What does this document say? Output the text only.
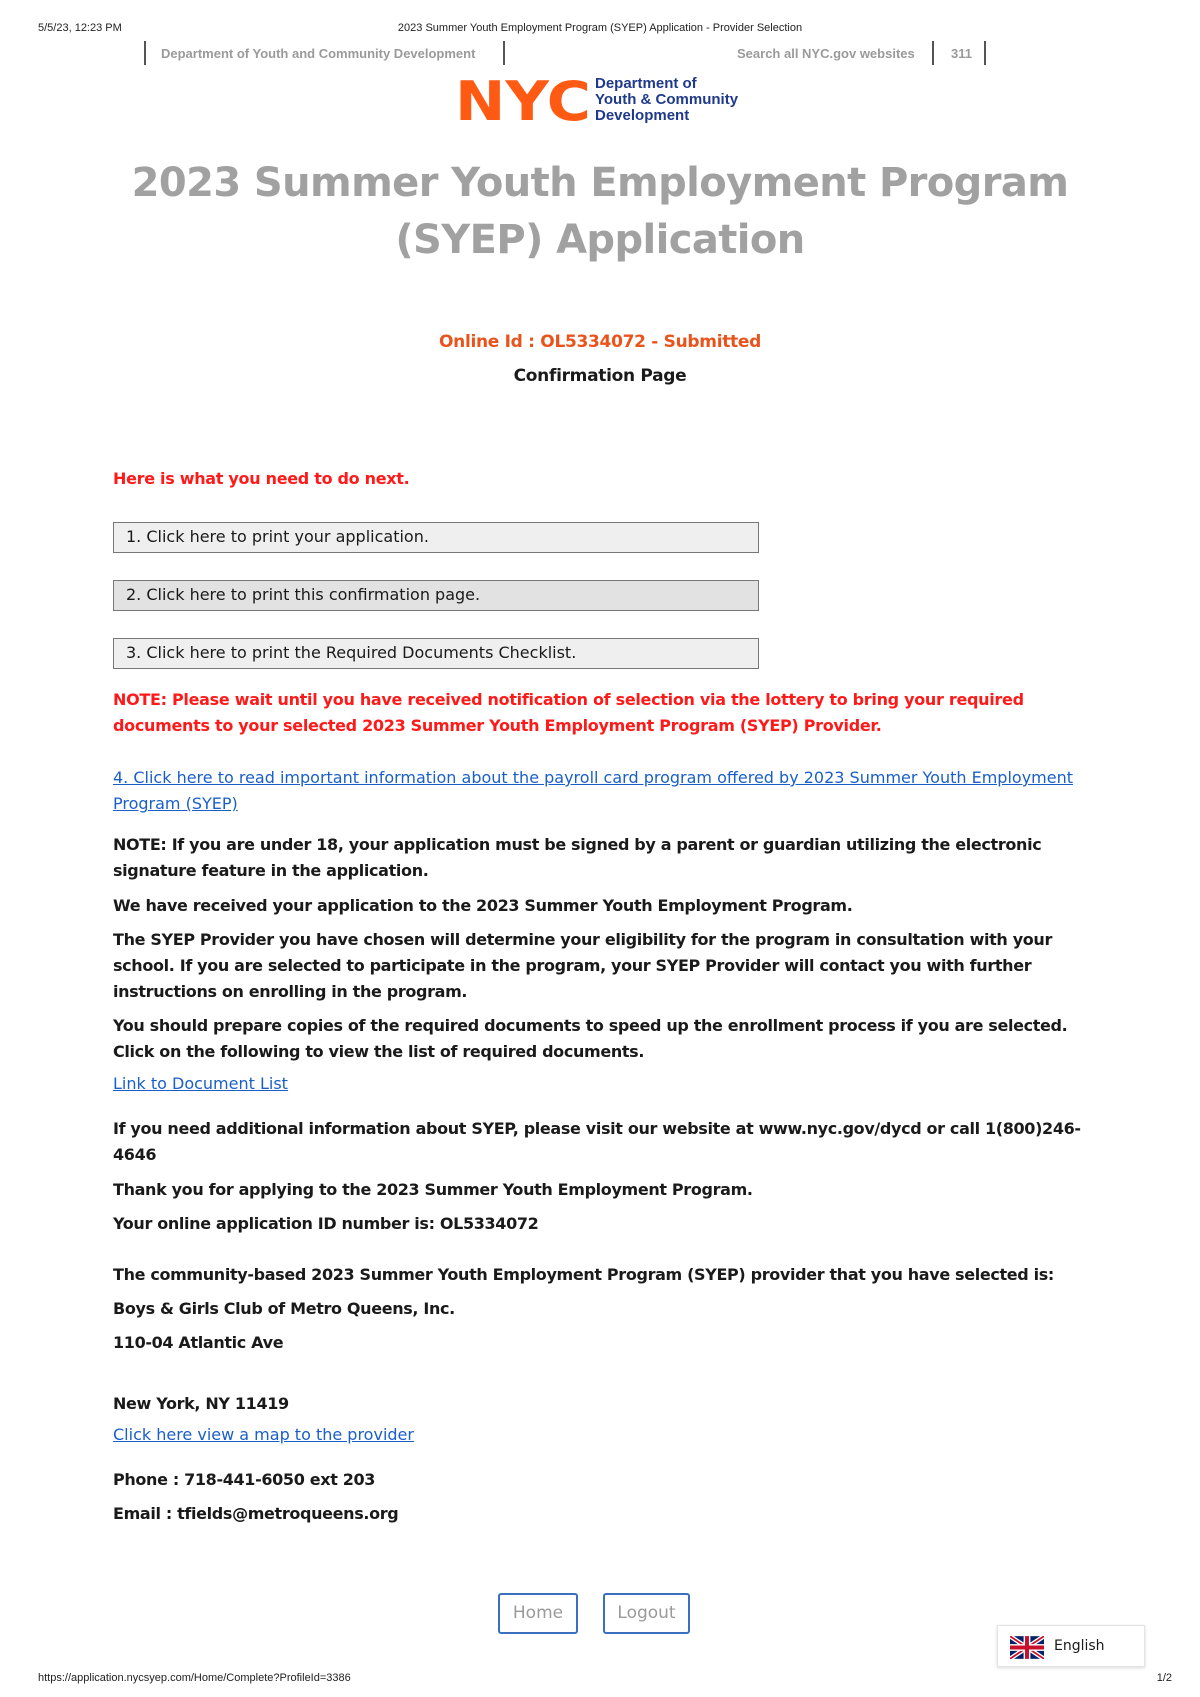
5/5/23, 12:23 PM	2023 Summer Youth Employment Program (SYEP) Application - Provider Selection
Department of Youth and Community Development	Search all NYC.gov websites	311
NYC Department of
Youth & Community
Development
2023 Summer Youth Employment Program (SYEP) Application
Online Id : OL5334072 - Submitted
Confirmation Page
Here is what you need to do next.
1. Click here to print your application.
2. Click here to print this confirmation page.
3. Click here to print the Required Documents Checklist.
NOTE: Please wait until you have received notification of selection via the lottery to bring your required documents to your selected 2023 Summer Youth Employment Program (SYEP) Provider.
4. Click here to read important information about the payroll card program offered by 2023 Summer Youth Employment Program (SYEP)
NOTE: If you are under 18, your application must be signed by a parent or guardian utilizing the electronic signature feature in the application.
We have received your application to the 2023 Summer Youth Employment Program.
The SYEP Provider you have chosen will determine your eligibility for the program in consultation with your school. If you are selected to participate in the program, your SYEP Provider will contact you with further instructions on enrolling in the program.
You should prepare copies of the required documents to speed up the enrollment process if you are selected. Click on the following to view the list of required documents.
Link to Document List
If you need additional information about SYEP, please visit our website at www.nyc.gov/dycd or call 1(800)246-4646
Thank you for applying to the 2023 Summer Youth Employment Program.
Your online application ID number is: OL5334072
The community-based 2023 Summer Youth Employment Program (SYEP) provider that you have selected is:
Boys & Girls Club of Metro Queens, Inc.
110-04 Atlantic Ave
New York, NY 11419
Click here view a map to the provider
Phone : 718-441-6050 ext 203
Email : tfields@metroqueens.org
Home	Logout
English
https://application.nycsyep.com/Home/Complete?ProfileId=3386	1/2
